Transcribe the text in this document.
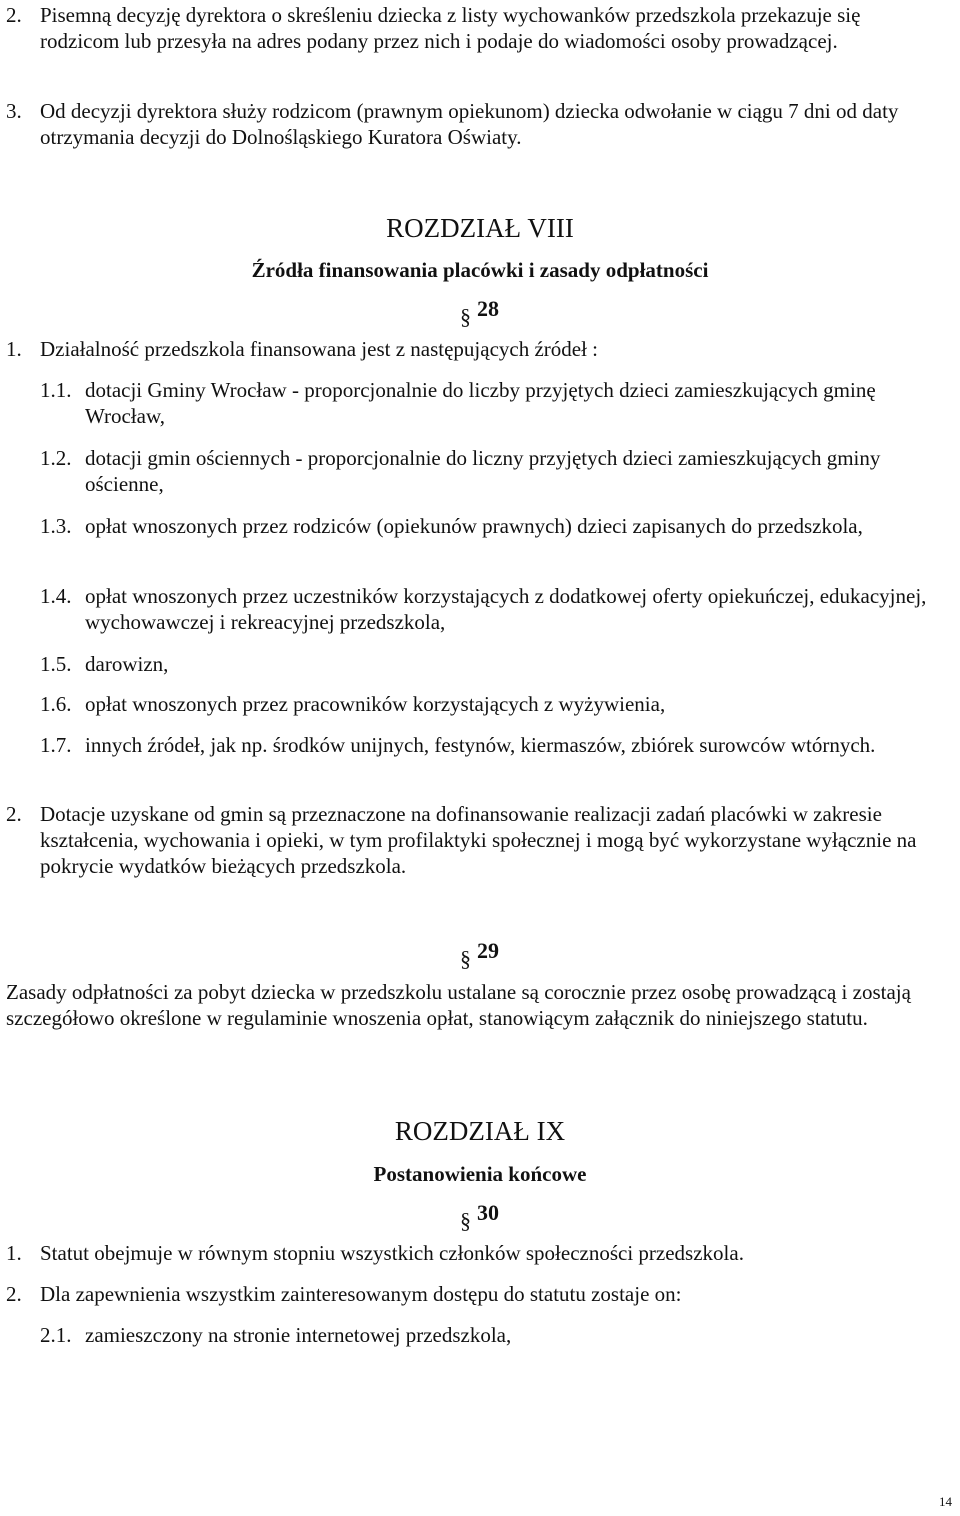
2. Pisemną decyzję dyrektora o skreśleniu dziecka z listy wychowanków przedszkola przekazuje się rodzicom lub przesyła na adres podany przez nich i podaje do wiadomości osoby prowadzącej.
3. Od decyzji dyrektora służy rodzicom (prawnym opiekunom) dziecka odwołanie w ciągu 7 dni od daty otrzymania decyzji do Dolnośląskiego Kuratora Oświaty.
ROZDZIAŁ VIII
Źródła finansowania placówki i zasady odpłatności
§ 28
1. Działalność przedszkola finansowana jest z następujących źródeł :
1.1. dotacji Gminy Wrocław - proporcjonalnie do liczby przyjętych dzieci zamieszkujących gminę Wrocław,
1.2. dotacji gmin ościennych - proporcjonalnie do liczny przyjętych dzieci zamieszkujących gminy ościenne,
1.3. opłat wnoszonych przez rodziców (opiekunów prawnych) dzieci zapisanych do przedszkola,
1.4. opłat wnoszonych przez uczestników korzystających z dodatkowej oferty opiekuńczej, edukacyjnej, wychowawczej i rekreacyjnej przedszkola,
1.5. darowizn,
1.6. opłat wnoszonych przez pracowników korzystających z wyżywienia,
1.7. innych źródeł, jak np. środków unijnych, festynów, kiermaszów, zbiórek surowców wtórnych.
2. Dotacje uzyskane od gmin są przeznaczone na dofinansowanie realizacji zadań placówki w zakresie kształcenia, wychowania i opieki, w tym profilaktyki społecznej i mogą być wykorzystane wyłącznie na pokrycie wydatków bieżących przedszkola.
§ 29
Zasady odpłatności za pobyt dziecka w przedszkolu ustalane są corocznie przez osobę prowadzącą i zostają szczegółowo określone w regulaminie wnoszenia opłat, stanowiącym załącznik do niniejszego statutu.
ROZDZIAŁ IX
Postanowienia końcowe
§ 30
1. Statut obejmuje w równym stopniu wszystkich członków społeczności przedszkola.
2. Dla zapewnienia wszystkim zainteresowanym dostępu do statutu zostaje on:
2.1. zamieszczony na stronie internetowej przedszkola,
14
